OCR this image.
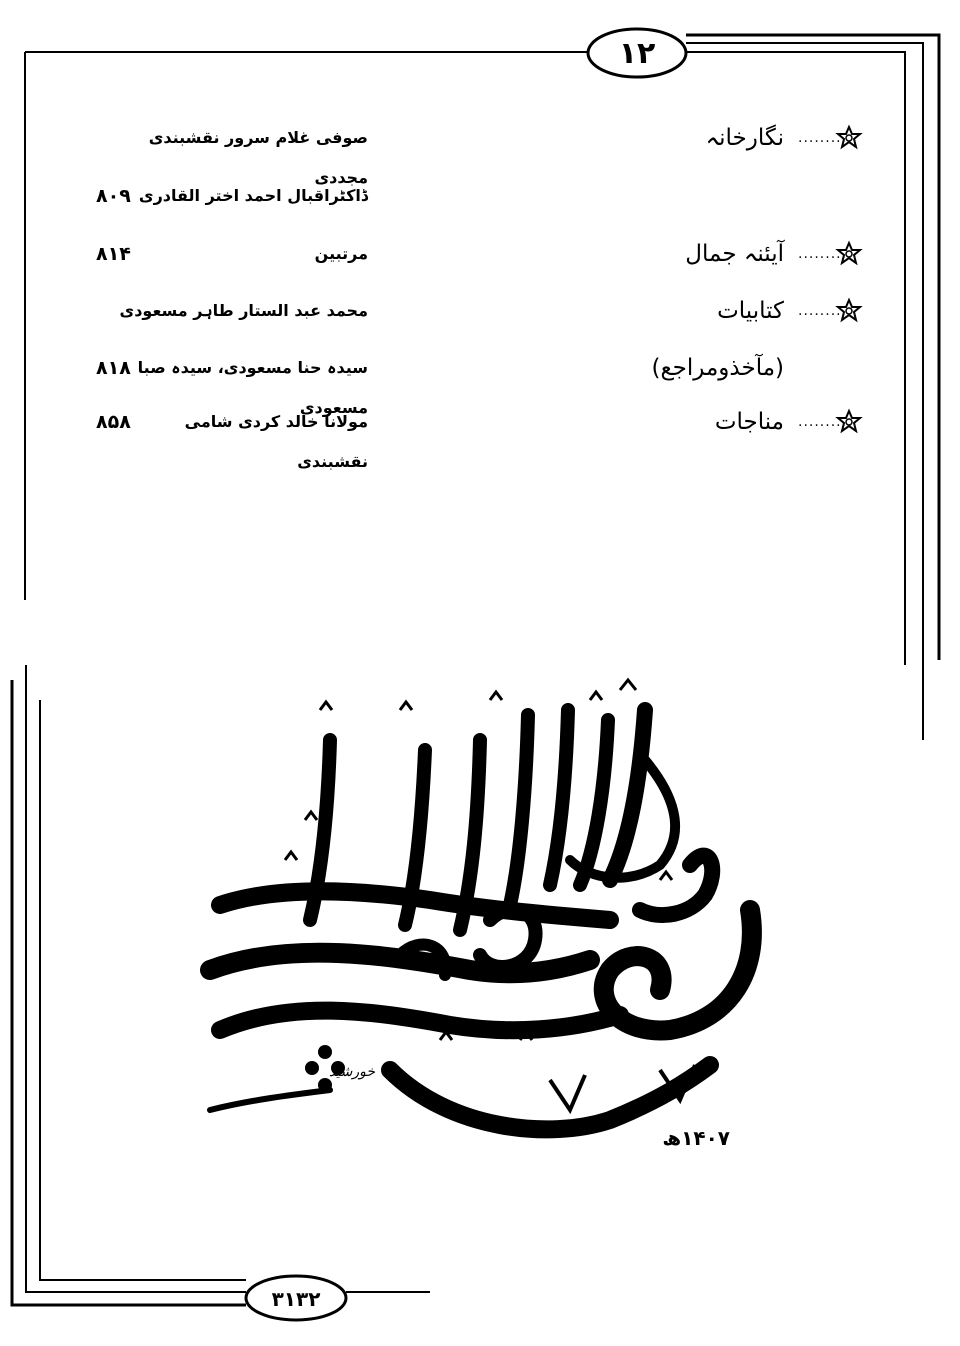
۱۲
۳۱۳۲
...........
نگارخانہ
صوفی غلام سرور نقشبندی مجددی
ڈاکٹراقبال احمد اختر القادری
۸۰۹
...........
آیئنہ جمال
مرتبین
۸۱۴
...........
کتابیات
محمد عبد الستار طاہر مسعودی
(مآخذومراجع)
سیدہ حنا مسعودی، سیدہ صبا مسعودی
۸۱۸
...........
مناجات
مولانا خالد کردی شامی نقشبندی
۸۵۸
خورشید
۱۴۰۷ھ
